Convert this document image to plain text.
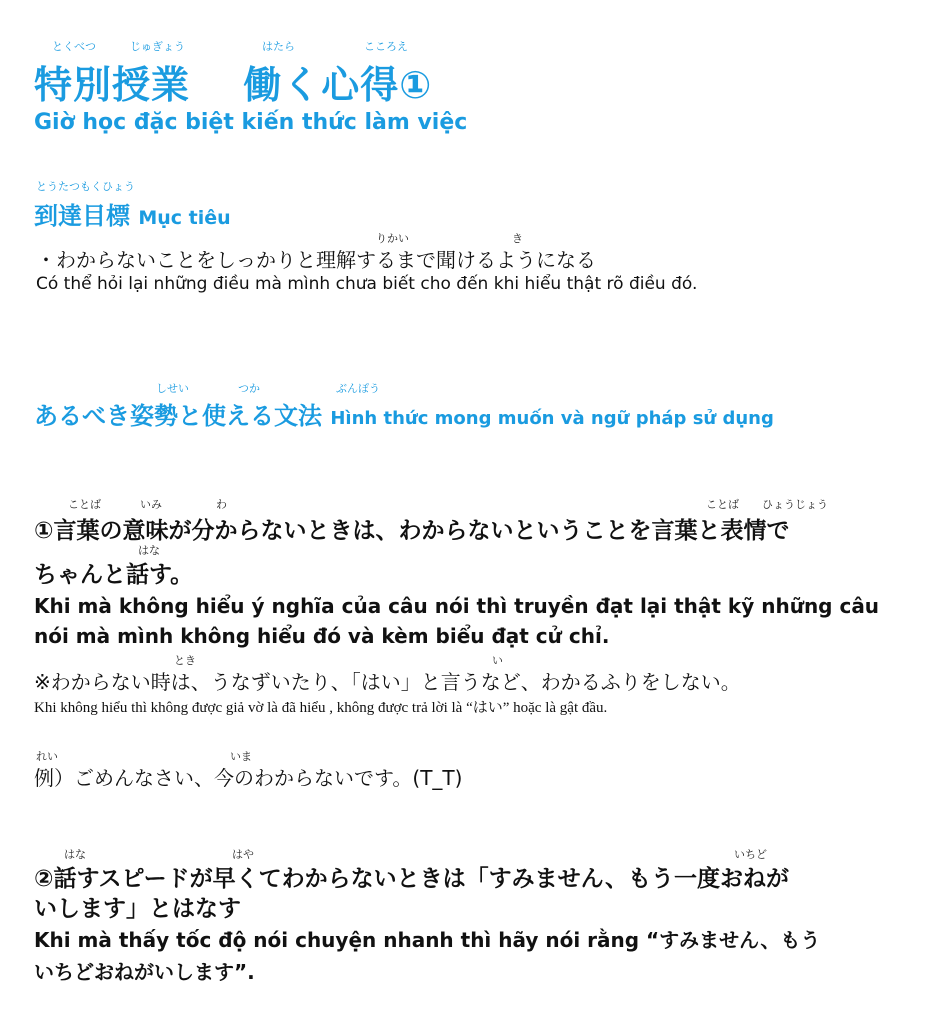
とくべつ	じゅぎょう	はたら	こころえ
特別授業　 働く心得①
Giờ học đặc biệt kiến thức làm việc
とうたつもくひょう
到達目標 Mục tiêu
りかい	き
・わからないことをしっかりと理解するまで聞けるようになる
Có thể hỏi lại những điều mà mình chưa biết cho đến khi hiểu thật rõ điều đó.
しせい	つか	ぶんぽう
あるべき姿勢と使える文法 Hình thức mong muốn và ngữ pháp sử dụng
ことば	いみ	わ	ことば ひょうじょう
①言葉の意味が分からないときは、わからないということを言葉と表情で
はな
ちゃんと話す。
Khi mà không hiểu ý nghĩa của câu nói thì truyền đạt lại thật kỹ những câu
nói mà mình không hiểu đó và kèm biểu đạt cử chỉ.
とき	い
※わからない時は、うなずいたり、「はい」と言うなど、わかるふりをしない。
Khi không hiểu thì không được giả vờ là đã hiểu , không được trả lời là “はい” hoặc là gật đầu.
れい	いま
例）ごめんなさい、今のわからないです。(T_T)
はな	はや	いちど
②話すスピードが早くてわからないときは「すみません、もう一度おねが
いします」とはなす
Khi mà thấy tốc độ nói chuyện nhanh thì hãy nói rằng “すみません、もう
いちどおねがいします”.
